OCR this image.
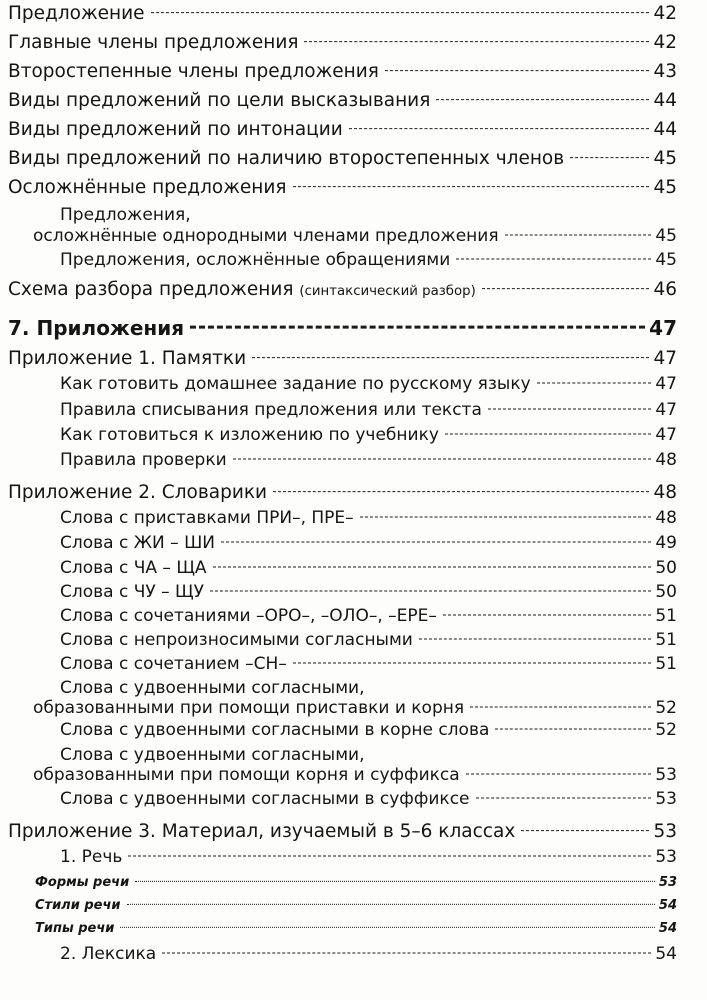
Предложение	42
Главные члены предложения	42
Второстепенные члены предложения	43
Виды предложений по цели высказывания	44
Виды предложений по интонации	44
Виды предложений по наличию второстепенных членов	45
Осложнённые предложения	45
Предложения,
осложнённые однородными членами предложения	45
Предложения, осложнённые обращениями	45
Схема разбора предложения (синтаксический разбор)	46
7. Приложения	47
Приложение 1. Памятки	47
Как готовить домашнее задание по русскому языку	47
Правила списывания предложения или текста	47
Как готовиться к изложению по учебнику	47
Правила проверки	48
Приложение 2. Словарики	48
Слова с приставками ПРИ–, ПРЕ–	48
Слова с ЖИ – ШИ	49
Слова с ЧА – ЩА	50
Слова с ЧУ – ЩУ	50
Слова с сочетаниями –ОРО–, –ОЛО–, –ЕРЕ–	51
Слова с непроизносимыми согласными	51
Слова с сочетанием –СН–	51
Слова с удвоенными согласными,
образованными при помощи приставки и корня	52
Слова с удвоенными согласными в корне слова	52
Слова с удвоенными согласными,
образованными при помощи корня и суффикса	53
Слова с удвоенными согласными в суффиксе	53
Приложение 3. Материал, изучаемый в 5–6 классах	53
1. Речь	53
Формы речи	53
Стили речи	54
Типы речи	54
2. Лексика	54
